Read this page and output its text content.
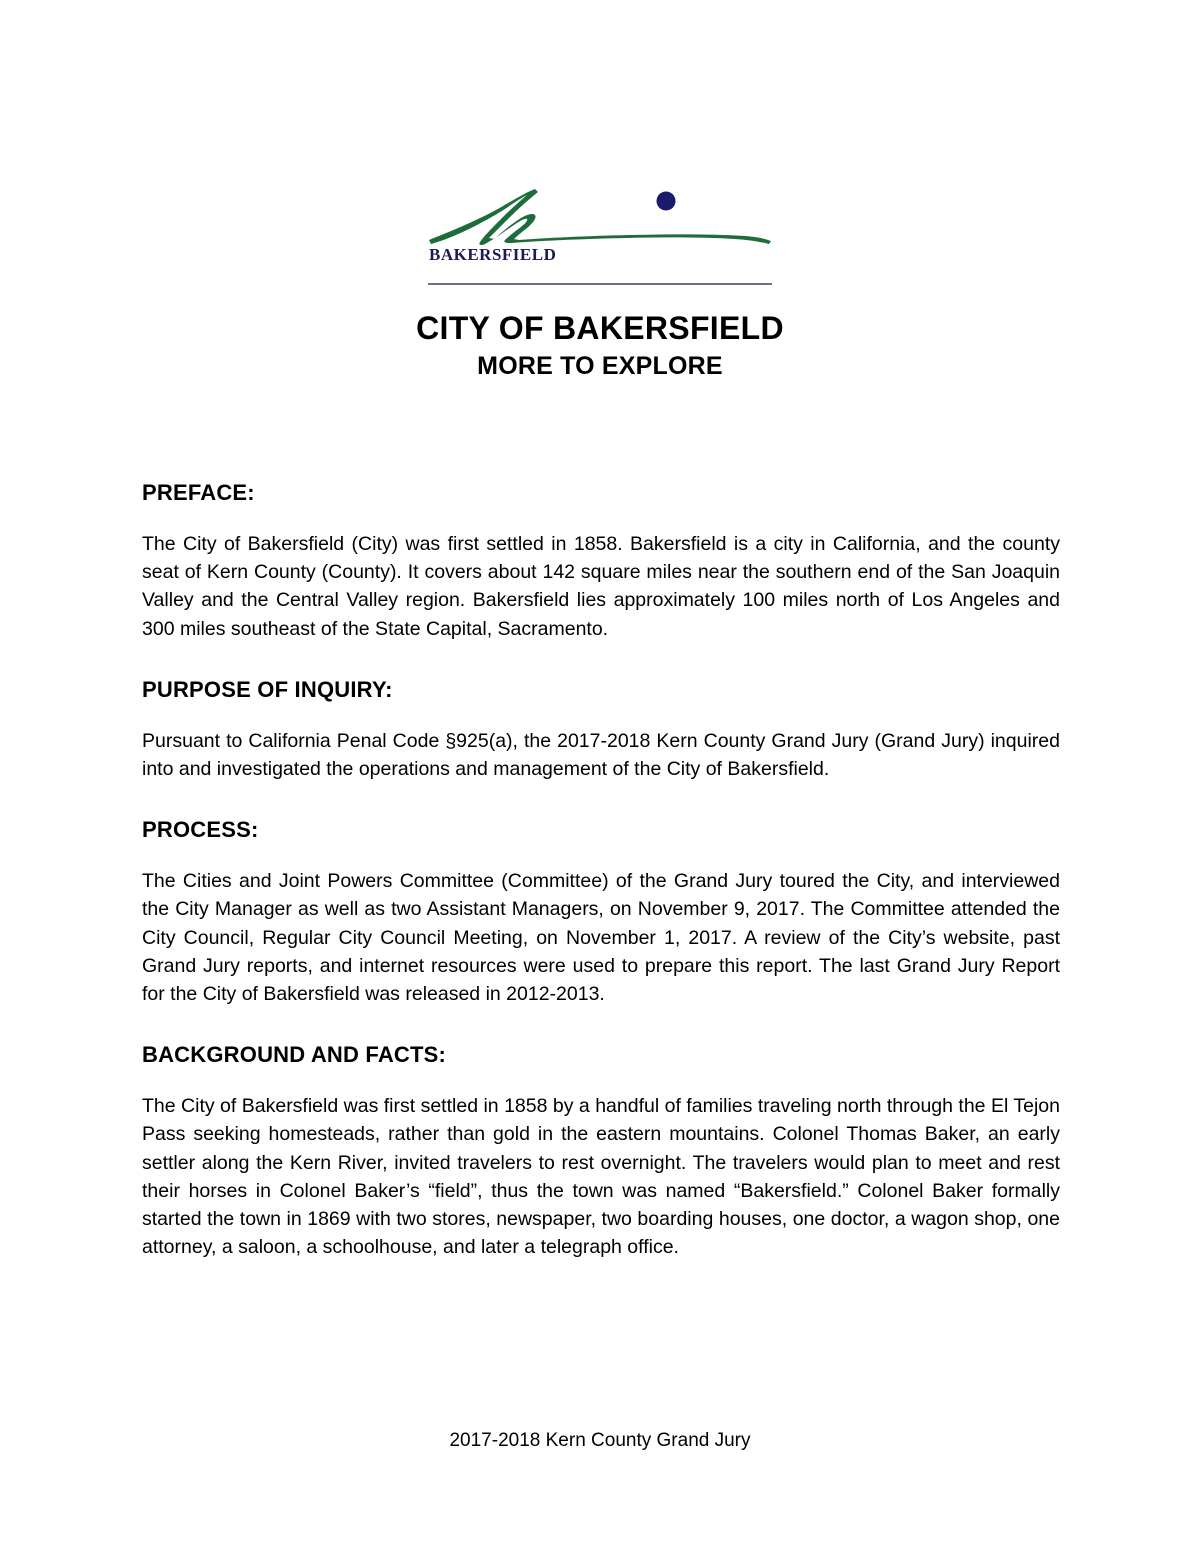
BAKERSFIELD
CITY OF BAKERSFIELD
MORE TO EXPLORE
PREFACE:

The City of Bakersfield (City) was first settled in 1858. Bakersfield is a city in California, and the county seat of Kern County (County). It covers about 142 square miles near the southern end of the San Joaquin Valley and the Central Valley region. Bakersfield lies approximately 100 miles north of Los Angeles and 300 miles southeast of the State Capital, Sacramento.

PURPOSE OF INQUIRY:

Pursuant to California Penal Code §925(a), the 2017-2018 Kern County Grand Jury (Grand Jury) inquired into and investigated the operations and management of the City of Bakersfield.

PROCESS:

The Cities and Joint Powers Committee (Committee) of the Grand Jury toured the City, and interviewed the City Manager as well as two Assistant Managers, on November 9, 2017. The Committee attended the City Council, Regular City Council Meeting, on November 1, 2017. A review of the City’s website, past Grand Jury reports, and internet resources were used to prepare this report. The last Grand Jury Report for the City of Bakersfield was released in 2012-2013.

BACKGROUND AND FACTS:

The City of Bakersfield was first settled in 1858 by a handful of families traveling north through the El Tejon Pass seeking homesteads, rather than gold in the eastern mountains. Colonel Thomas Baker, an early settler along the Kern River, invited travelers to rest overnight. The travelers would plan to meet and rest their horses in Colonel Baker’s “field”, thus the town was named “Bakersfield.” Colonel Baker formally started the town in 1869 with two stores, newspaper, two boarding houses, one doctor, a wagon shop, one attorney, a saloon, a schoolhouse, and later a telegraph office.

2017-2018 Kern County Grand Jury
